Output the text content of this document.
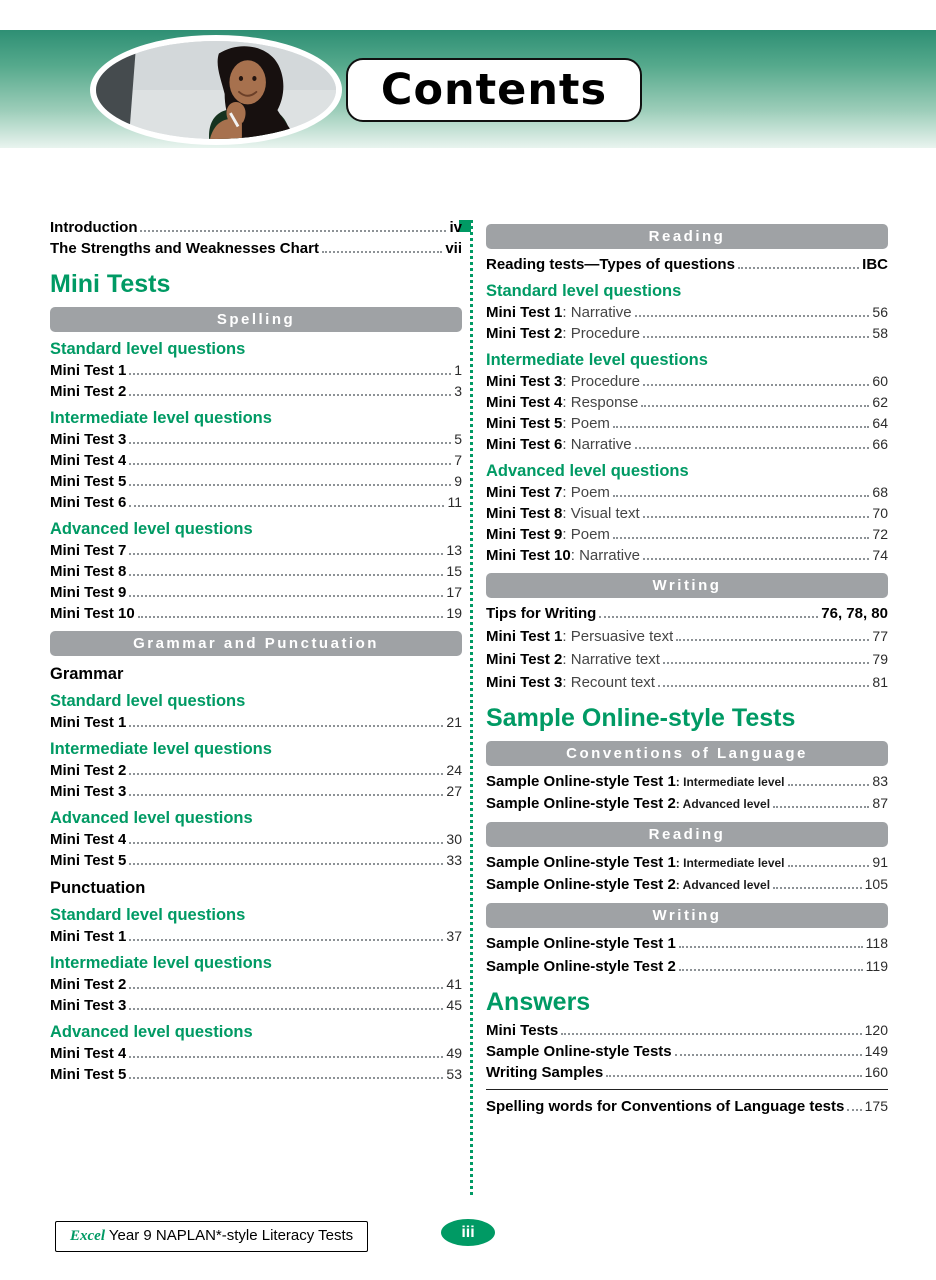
Contents
Introduction	iv
The Strengths and Weaknesses Chart	vii
Mini Tests
Spelling
Standard level questions
Mini Test 1	1
Mini Test 2	3
Intermediate level questions
Mini Test 3	5
Mini Test 4	7
Mini Test 5	9
Mini Test 6	11
Advanced level questions
Mini Test 7	13
Mini Test 8	15
Mini Test 9	17
Mini Test 10	19
Grammar and Punctuation
Grammar
Standard level questions
Mini Test 1	21
Intermediate level questions
Mini Test 2	24
Mini Test 3	27
Advanced level questions
Mini Test 4	30
Mini Test 5	33
Punctuation
Standard level questions
Mini Test 1	37
Intermediate level questions
Mini Test 2	41
Mini Test 3	45
Advanced level questions
Mini Test 4	49
Mini Test 5	53
Reading
Reading tests—Types of questions	IBC
Standard level questions
Mini Test 1: Narrative	56
Mini Test 2: Procedure	58
Intermediate level questions
Mini Test 3: Procedure	60
Mini Test 4: Response	62
Mini Test 5: Poem	64
Mini Test 6: Narrative	66
Advanced level questions
Mini Test 7: Poem	68
Mini Test 8: Visual text	70
Mini Test 9: Poem	72
Mini Test 10: Narrative	74
Writing
Tips for Writing	76, 78, 80
Mini Test 1: Persuasive text	77
Mini Test 2: Narrative text	79
Mini Test 3: Recount text	81
Sample Online-style Tests
Conventions of Language
Sample Online-style Test 1: Intermediate level	83
Sample Online-style Test 2: Advanced level	87
Reading
Sample Online-style Test 1: Intermediate level	91
Sample Online-style Test 2: Advanced level	105
Writing
Sample Online-style Test 1	118
Sample Online-style Test 2	119
Answers
Mini Tests	120
Sample Online-style Tests	149
Writing Samples	160
Spelling words for Conventions of Language tests 175
Excel Year 9 NAPLAN*-style Literacy Tests	iii
